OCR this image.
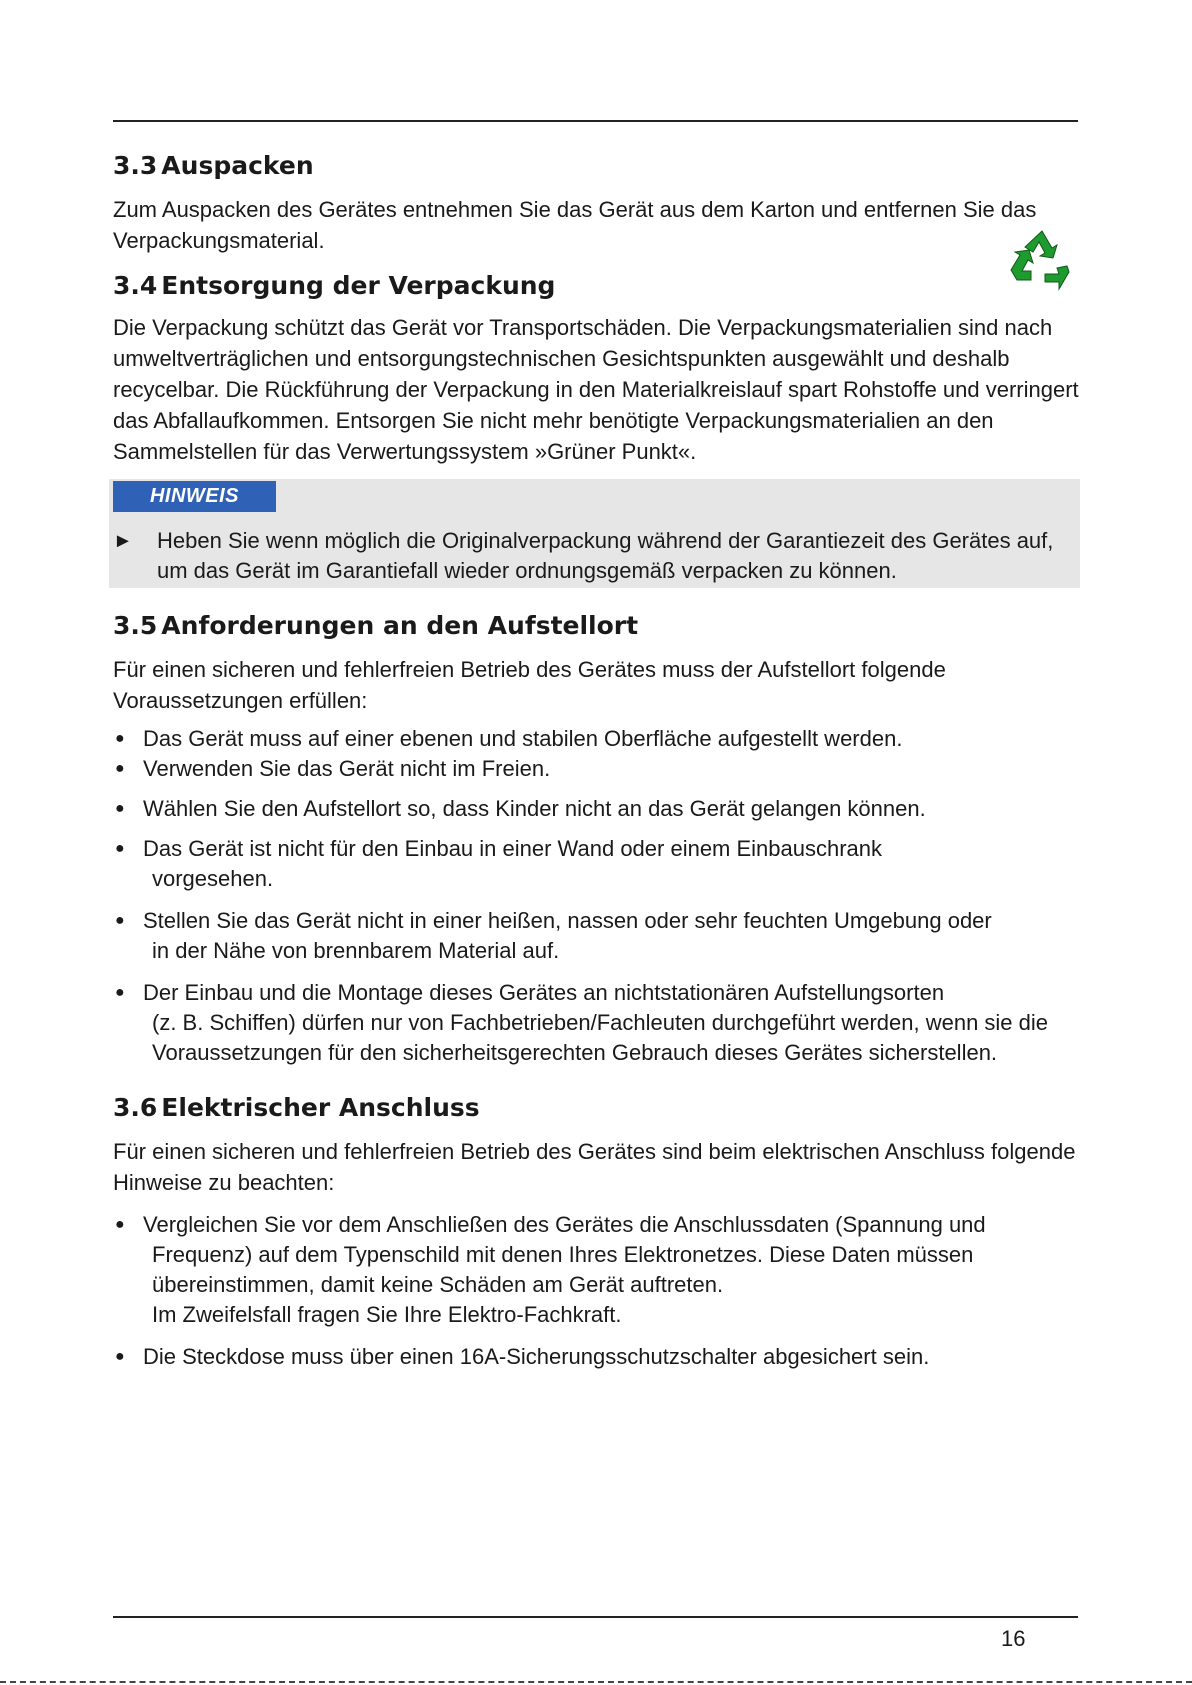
3.3 Auspacken

Zum Auspacken des Gerätes entnehmen Sie das Gerät aus dem Karton und entfernen Sie das Verpackungsmaterial.

3.4 Entsorgung der Verpackung

Die Verpackung schützt das Gerät vor Transportschäden. Die Verpackungsmaterialien sind nach umweltverträglichen und entsorgungstechnischen Gesichtspunkten ausgewählt und deshalb recycelbar. Die Rückführung der Verpackung in den Materialkreislauf spart Rohstoffe und verringert das Abfallaufkommen. Entsorgen Sie nicht mehr benötigte Verpackungsmaterialien an den Sammelstellen für das Verwertungssystem »Grüner Punkt«.

HINWEIS
►	Heben Sie wenn möglich die Originalverpackung während der Garantiezeit des Gerätes auf, um das Gerät im Garantiefall wieder ordnungsgemäß verpacken zu können.
3.5 Anforderungen an den Aufstellort

Für einen sicheren und fehlerfreien Betrieb des Gerätes muss der Aufstellort folgende Voraussetzungen erfüllen:

● Das Gerät muss auf einer ebenen und stabilen Oberfläche aufgestellt werden.
● Verwenden Sie das Gerät nicht im Freien.
● Wählen Sie den Aufstellort so, dass Kinder nicht an das Gerät gelangen können.
● Das Gerät ist nicht für den Einbau in einer Wand oder einem Einbauschrank
vorgesehen.
● Stellen Sie das Gerät nicht in einer heißen, nassen oder sehr feuchten Umgebung oder
in der Nähe von brennbarem Material auf.
● Der Einbau und die Montage dieses Gerätes an nichtstationären Aufstellungsorten
(z. B. Schiffen) dürfen nur von Fachbetrieben/Fachleuten durchgeführt werden, wenn sie die Voraussetzungen für den sicherheitsgerechten Gebrauch dieses Gerätes sicherstellen.
3.6 Elektrischer Anschluss

Für einen sicheren und fehlerfreien Betrieb des Gerätes sind beim elektrischen Anschluss folgende Hinweise zu beachten:

● Vergleichen Sie vor dem Anschließen des Gerätes die Anschlussdaten (Spannung und
Frequenz) auf dem Typenschild mit denen Ihres Elektronetzes. Diese Daten müssen übereinstimmen, damit keine Schäden am Gerät auftreten.
Im Zweifelsfall fragen Sie Ihre Elektro-Fachkraft.
● Die Steckdose muss über einen 16A-Sicherungsschutzschalter abgesichert sein.
16
